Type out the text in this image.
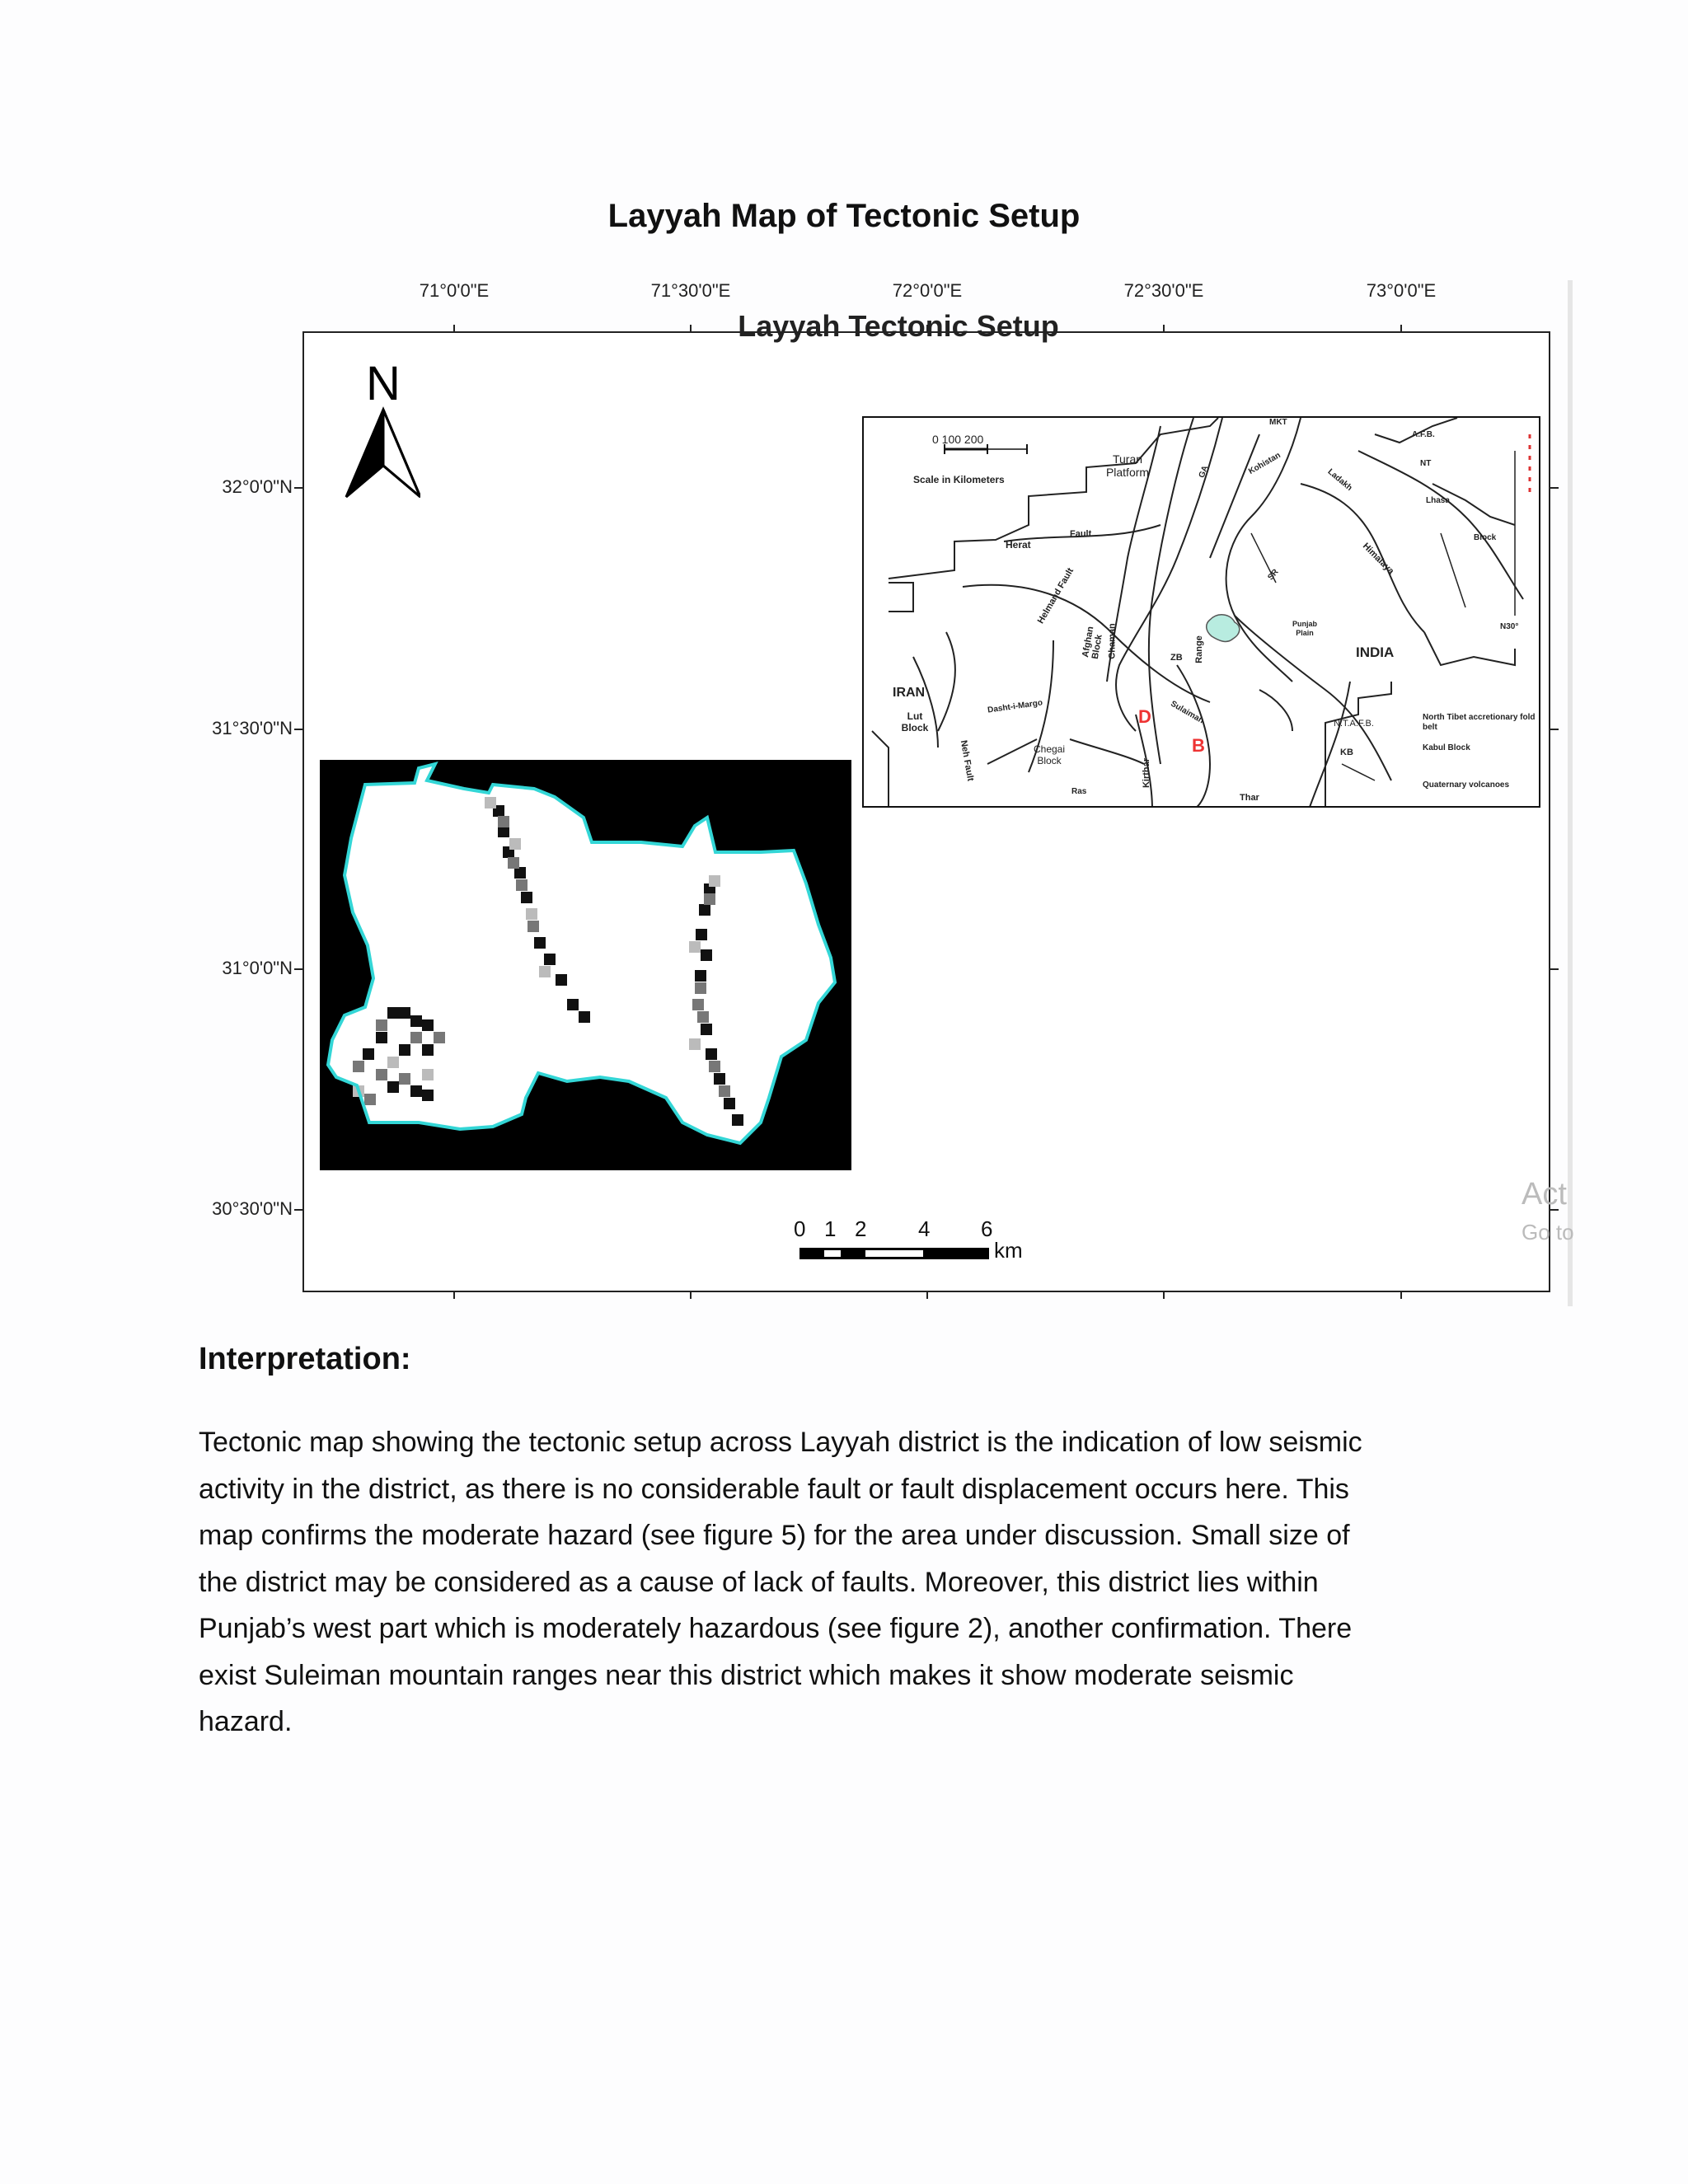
Layyah Map of Tectonic Setup
71°0'0"E	71°30'0"E	72°0'0"E	72°30'0"E	73°0'0"E
32°0'0"N
31°30'0"N
31°0'0"N
30°30'0"N
Layyah Tectonic Setup
N
0 100 200
Scale in Kilometers
Turan Platform
Herat
Fault
Helmand Fault
Afghan Block Chaman
IRAN
Lut Block
Dasht-i-Margo
Chegai Block
Neh Fault
Ras
Kirthar
Sulaiman
ZB Range
Punjab Plain
INDIA
Thar
N.T.A.F.B.
KB
North Tibet accretionary fold belt
Kabul Block
Quaternary volcanoes
Himalaya
Ladakh
Kohistan
Lhasa
Block
NT
A.F.B.
N30°
D
B
MKT
SR
GA
0 1 2 4 6
km
Act
Go to
Interpretation:
Tectonic map showing the tectonic setup across Layyah district is the indication of low seismic
activity in the district, as there is no considerable fault or fault displacement occurs here. This
map confirms the moderate hazard (see figure 5) for the area under discussion. Small size of
the district may be considered as a cause of lack of faults. Moreover, this district lies within
Punjab’s west part which is moderately hazardous (see figure 2), another confirmation. There
exist Suleiman mountain ranges near this district which makes it show moderate seismic
hazard.
